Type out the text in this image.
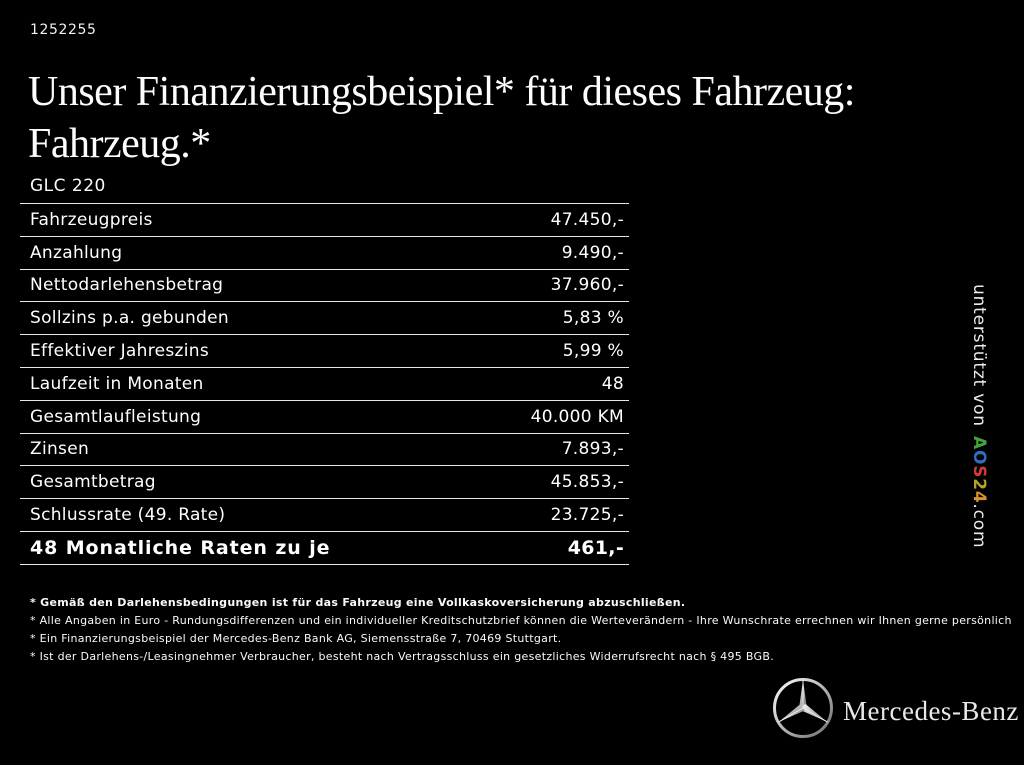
1252255
Unser Finanzierungsbeispiel* für dieses Fahrzeug:
Fahrzeug.*
GLC 220
Fahrzeugpreis	47.450,-
Anzahlung	9.490,-
Nettodarlehensbetrag	37.960,-
Sollzins p.a. gebunden	5,83 %
Effektiver Jahreszins	5,99 %
Laufzeit in Monaten	48
Gesamtlaufleistung	40.000 KM
Zinsen	7.893,-
Gesamtbetrag	45.853,-
Schlussrate (49. Rate)	23.725,-
48 Monatliche Raten zu je	461,-
* Gemäß den Darlehensbedingungen ist für das Fahrzeug eine Vollkaskoversicherung abzuschließen.
* Alle Angaben in Euro - Rundungsdifferenzen und ein individueller Kreditschutzbrief können die Werteverändern - Ihre Wunschrate errechnen wir Ihnen gerne persönlich
* Ein Finanzierungsbeispiel der Mercedes-Benz Bank AG, Siemensstraße 7, 70469 Stuttgart.
* Ist der Darlehens-/Leasingnehmer Verbraucher, besteht nach Vertragsschluss ein gesetzliches Widerrufsrecht nach § 495 BGB.
unterstützt vonAOS24.com
Mercedes-Benz
